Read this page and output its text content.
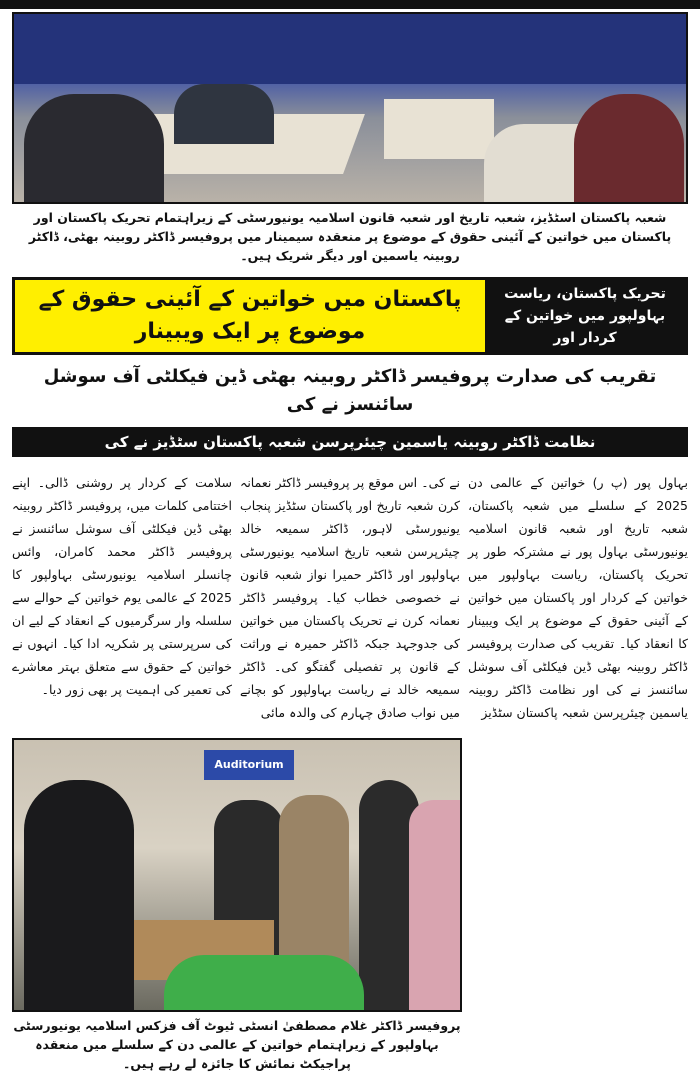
شعبہ پاکستان اسٹڈیز، شعبہ تاریخ اور شعبہ قانون اسلامیہ یونیورسٹی کے زیراہتمام تحریک پاکستان اور پاکستان میں خواتین کے آئینی حقوق کے موضوع پر منعقدہ سیمینار میں پروفیسر ڈاکٹر روبینہ بھٹی، ڈاکٹر روبینہ یاسمین اور دیگر شریک ہیں۔
تحریک پاکستان، ریاست
بہاولپور میں خواتین کے کردار اور
پاکستان میں خواتین کے آئینی حقوق کے موضوع پر ایک ویبینار
تقریب کی صدارت پروفیسر ڈاکٹر روبینہ بھٹی ڈین فیکلٹی آف سوشل سائنسز نے کی
نظامت ڈاکٹر روبینہ یاسمین چیئرپرسن شعبہ پاکستان سٹڈیز نے کی
بہاول پور (پ ر) خواتین کے عالمی دن 2025 کے سلسلے میں شعبہ پاکستان، شعبہ تاریخ اور شعبہ قانون اسلامیہ یونیورسٹی بہاول پور نے مشترکہ طور پر تحریک پاکستان، ریاست بہاولپور میں خواتین کے کردار اور پاکستان میں خواتین کے آئینی حقوق کے موضوع پر ایک ویبینار کا انعقاد کیا۔ تقریب کی صدارت پروفیسر ڈاکٹر روبینہ بھٹی ڈین فیکلٹی آف سوشل سائنسز نے کی اور نظامت ڈاکٹر روبینہ یاسمین چیئرپرسن شعبہ پاکستان سٹڈیز
نے کی۔ اس موقع پر پروفیسر ڈاکٹر نعمانہ کرن شعبہ تاریخ اور پاکستان سٹڈیز پنجاب یونیورسٹی لاہور، ڈاکٹر سمیعہ خالد چیئرپرسن شعبہ تاریخ اسلامیہ یونیورسٹی بہاولپور اور ڈاکٹر حمیرا نواز شعبہ قانون نے خصوصی خطاب کیا۔ پروفیسر ڈاکٹر نعمانہ کرن نے تحریک پاکستان میں خواتین کی جدوجہد جبکہ ڈاکٹر حمیرہ نے وراثت کے قانون پر تفصیلی گفتگو کی۔ ڈاکٹر سمیعہ خالد نے ریاست بہاولپور کو بچانے میں نواب صادق چہارم کی والدہ مائی
سلامت کے کردار پر روشنی ڈالی۔ اپنے اختتامی کلمات میں، پروفیسر ڈاکٹر روبینہ بھٹی ڈین فیکلٹی آف سوشل سائنسز نے پروفیسر ڈاکٹر محمد کامران، وائس چانسلر اسلامیہ یونیورسٹی بہاولپور کا 2025 کے عالمی یوم خواتین کے حوالے سے سلسلہ وار سرگرمیوں کے انعقاد کے لیے ان کی سرپرستی پر شکریہ ادا کیا۔ انہوں نے خواتین کے حقوق سے متعلق بہتر معاشرے کی تعمیر کی اہمیت پر بھی زور دیا۔
Auditorium
پروفیسر ڈاکٹر غلام مصطفیٰ انسٹی ٹیوٹ آف فزکس اسلامیہ یونیورسٹی بہاولپور کے زیراہتمام خواتین کے عالمی دن کے سلسلے میں منعقدہ پراجیکٹ نمائش کا جائزہ لے رہے ہیں۔
